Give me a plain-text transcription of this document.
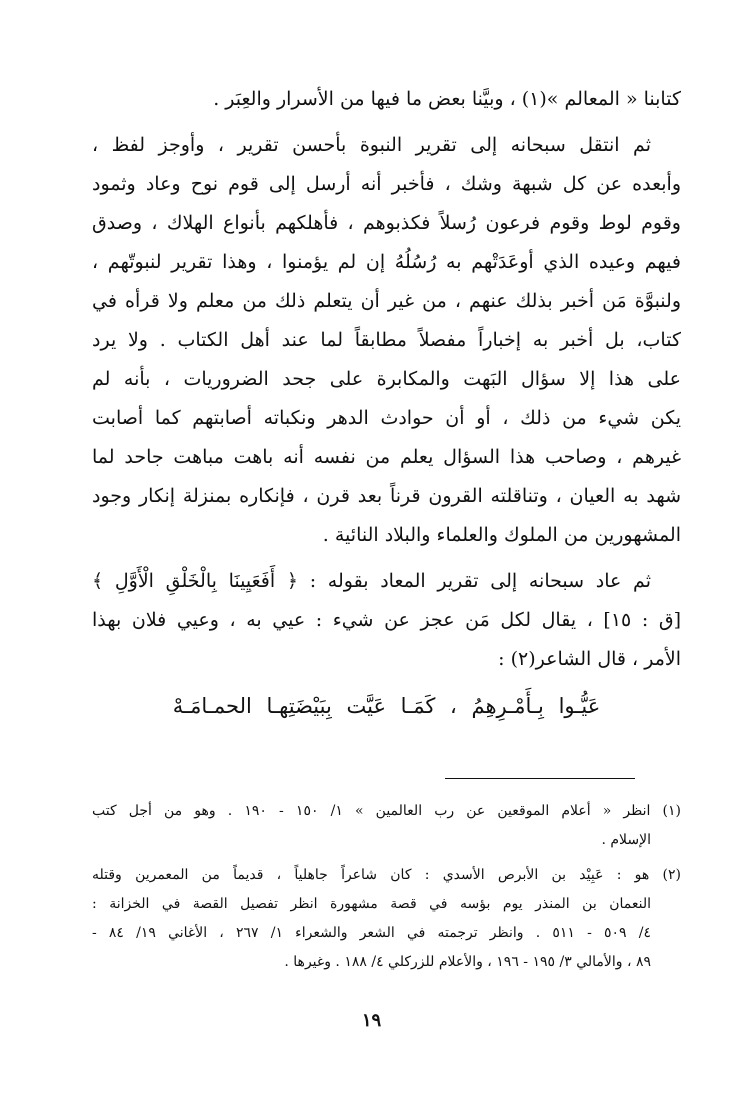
كتابنا « المعالم »(١) ، وبيَّنا بعض ما فيها من الأسرار والعِبَر .
ثم انتقل سبحانه إلى تقرير النبوة بأحسن تقرير ، وأوجز لفظ ،
وأبعده عن كل شبهة وشك ، فأخبر أنه أرسل إلى قوم نوح وعاد وثمود
وقوم لوط وقوم فرعون رُسلاً فكذبوهم ، فأهلكهم بأنواع الهلاك ، وصدق
فيهم وعيده الذي أوعَدَتْهم به رُسُلُهُ إن لم يؤمنوا ، وهذا تقرير لنبوتّهم ،
ولنبوَّة مَن أخبر بذلك عنهم ، من غير أن يتعلم ذلك من معلم ولا قرأه في
كتاب، بل أخبر به إخباراً مفصلاً مطابقاً لما عند أهل الكتاب . ولا يرد
على هذا إلا سؤال البَهت والمكابرة على جحد الضروريات ، بأنه لم
يكن شيء من ذلك ، أو أن حوادث الدهر ونكباته أصابتهم كما أصابت
غيرهم ، وصاحب هذا السؤال يعلم من نفسه أنه باهت مباهت جاحد لما
شهد به العيان ، وتناقلته القرون قرناً بعد قرن ، فإنكاره بمنزلة إنكار وجود
المشهورين من الملوك والعلماء والبلاد النائية .
ثم عاد سبحانه إلى تقرير المعاد بقوله : ﴿ أَفَعَيِينَا بِالْخَلْقِ الْأَوَّلِ ﴾
[ق : ١٥] ، يقال لكل مَن عجز عن شيء : عيي به ، وعيي فلان بهذا
الأمر ، قال الشاعر(٢) :
عَيُّـوا بِـأَمْـرِهِمُ ، كَمَـا عَيَّت بِبَيْضَتِهـا الحمـامَـهْ
(١) انظر « أعلام الموقعين عن رب العالمين » ١/ ١٥٠ - ١٩٠ . وهو من أجل كتب
الإسلام .
(٢) هو : عَبِيْد بن الأبرص الأسدي : كان شاعراً جاهلياً ، قديماً من المعمرين وقتله
النعمان بن المنذر يوم بؤسه في قصة مشهورة انظر تفصيل القصة في الخزانة :
٤/ ٥٠٩ - ٥١١ . وانظر ترجمته في الشعر والشعراء ١/ ٢٦٧ ، الأغاني ١٩/ ٨٤ -
٨٩ ، والأمالي ٣/ ١٩٥ - ١٩٦ ، والأعلام للزركلي ٤/ ١٨٨ . وغيرها .
١٩
